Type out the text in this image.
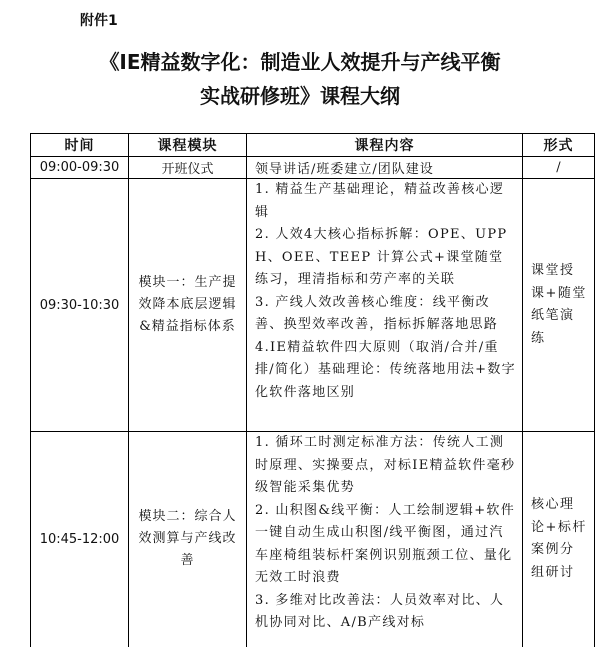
附件1
《IE精益数字化：制造业人效提升与产线平衡
实战研修班》课程大纲
时间	课程模块	课程内容	形式
09:00-09:30	开班仪式	领导讲话/班委建立/团队建设	/
09:30-10:30	模块一：生产提效降本底层逻辑&精益指标体系	1. 精益生产基础理论，精益改善核心逻辑
2. 人效4大核心指标拆解：OPE、UPPH、OEE、TEEP 计算公式+课堂随堂练习，理清指标和劳产率的关联
3. 产线人效改善核心维度：线平衡改善、换型效率改善，指标拆解落地思路
4.IE精益软件四大原则（取消/合并/重排/简化）基础理论：传统落地用法+数字化软件落地区别	课堂授课+随堂纸笔演练
10:45-12:00	模块二：综合人效测算与产线改善	1. 循环工时测定标准方法：传统人工测时原理、实操要点，对标IE精益软件毫秒级智能采集优势
2. 山积图&线平衡：人工绘制逻辑+软件一键自动生成山积图/线平衡图，通过汽车座椅组装标杆案例识别瓶颈工位、量化无效工时浪费
3. 多维对比改善法：人员效率对比、人机协同对比、A/B产线对标	核心理论+标杆案例分组研讨
